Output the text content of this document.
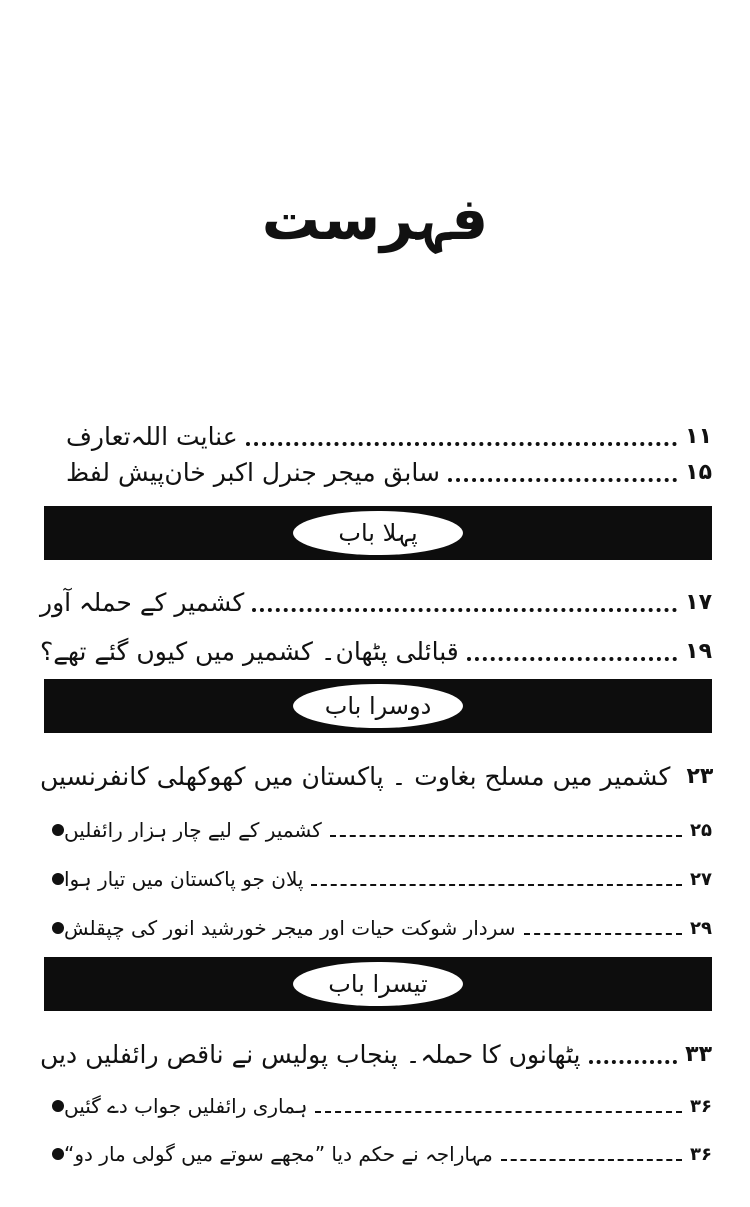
فہرست
تعارف عنایت اللہ	۱۱
پیش لفظ سابق میجر جنرل اکبر خان	۱۵
پہلا باب
کشمیر کے حملہ آور	۱۷
قبائلی پٹھان۔ کشمیر میں کیوں گئے تھے؟	۱۹
دوسرا باب
کشمیر میں مسلح بغاوت ۔ پاکستان میں کھوکھلی کانفرنسیں ۲۳
کشمیر کے لیے چار ہزار رائفلیں	۲۵
پلان جو پاکستان میں تیار ہوا	۲۷
سردار شوکت حیات اور میجر خورشید انور کی چپقلش	۲۹
تیسرا باب
پٹھانوں کا حملہ۔ پنجاب پولیس نے ناقص رائفلیں دیں	۳۳
ہماری رائفلیں جواب دے گئیں	۳۶
مہاراجہ نے حکم دیا ”مجھے سوتے میں گولی مار دو“	۳۶
